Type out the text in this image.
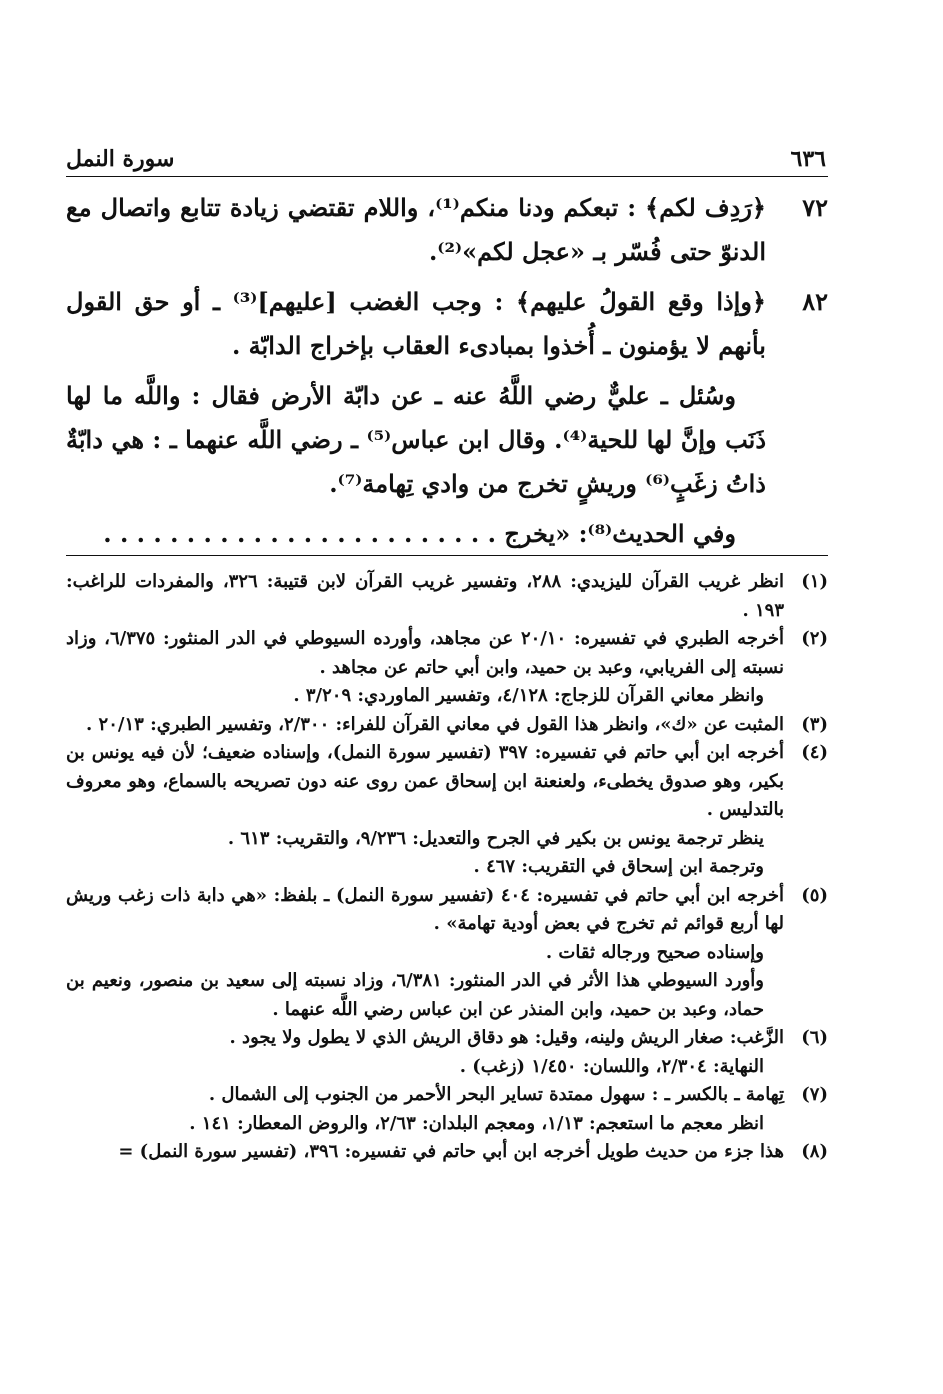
٦٣٦
سورة النمل
٧٢
﴿رَدِف لكم﴾ : تبعكم ودنا منكم⁽¹⁾، واللام تقتضي زيادة تتابع واتصال مع الدنوّ حتى فُسّر بـ «عجل لكم»⁽²⁾.
٨٢
﴿وإذا وقع القولُ عليهم﴾ : وجب الغضب [عليهم]⁽³⁾ ـ أو حق القول بأنهم لا يؤمنون ـ أُخذوا بمبادىء العقاب بإخراج الدابّة .
وسُئل ـ عليٌّ رضي اللَّهُ عنه ـ عن دابّة الأرض فقال : واللَّه ما لها ذَنَب وإنَّ لها للحية⁽⁴⁾. وقال ابن عباس⁽⁵⁾ ـ رضي اللَّه عنهما ـ : هي دابّةٌ ذاتُ زغَبٍ⁽⁶⁾ وريشٍ تخرج من وادي تِهامة⁽⁷⁾.
وفي الحديث⁽⁸⁾: «يخرج . . . . . . . . . . . . . . . . . . . . . . . .
(١)
انظر غريب القرآن لليزيدي: ٢٨٨، وتفسير غريب القرآن لابن قتيبة: ٣٢٦، والمفردات للراغب: ١٩٣ .
(٢)
أخرجه الطبري في تفسيره: ٢٠/١٠ عن مجاهد، وأورده السيوطي في الدر المنثور: ٦/٣٧٥، وزاد نسبته إلى الفريابي، وعبد بن حميد، وابن أبي حاتم عن مجاهد .
وانظر معاني القرآن للزجاج: ٤/١٢٨، وتفسير الماوردي: ٣/٢٠٩ .
(٣)
المثبت عن «ك»، وانظر هذا القول في معاني القرآن للفراء: ٢/٣٠٠، وتفسير الطبري: ٢٠/١٣ .
(٤)
أخرجه ابن أبي حاتم في تفسيره: ٣٩٧ (تفسير سورة النمل)، وإسناده ضعيف؛ لأن فيه يونس بن بكير، وهو صدوق يخطىء، ولعنعنة ابن إسحاق عمن روى عنه دون تصريحه بالسماع، وهو معروف بالتدليس .
ينظر ترجمة يونس بن بكير في الجرح والتعديل: ٩/٢٣٦، والتقريب: ٦١٣ .
وترجمة ابن إسحاق في التقريب: ٤٦٧ .
(٥)
أخرجه ابن أبي حاتم في تفسيره: ٤٠٤ (تفسير سورة النمل) ـ بلفظ: «هي دابة ذات زغب وريش لها أربع قوائم ثم تخرج في بعض أودية تهامة» .
وإسناده صحيح ورجاله ثقات .
وأورد السيوطي هذا الأثر في الدر المنثور: ٦/٣٨١، وزاد نسبته إلى سعيد بن منصور، ونعيم بن حماد، وعبد بن حميد، وابن المنذر عن ابن عباس رضي اللَّه عنهما .
(٦)
الزَّغب: صغار الريش ولينه، وقيل: هو دقاق الريش الذي لا يطول ولا يجود .
النهاية: ٢/٣٠٤، واللسان: ١/٤٥٠ (زغب) .
(٧)
تِهامة ـ بالكسر ـ : سهول ممتدة تساير البحر الأحمر من الجنوب إلى الشمال .
انظر معجم ما استعجم: ١/١٣، ومعجم البلدان: ٢/٦٣، والروض المعطار: ١٤١ .
(٨)
هذا جزء من حديث طويل أخرجه ابن أبي حاتم في تفسيره: ٣٩٦، (تفسير سورة النمل) =
